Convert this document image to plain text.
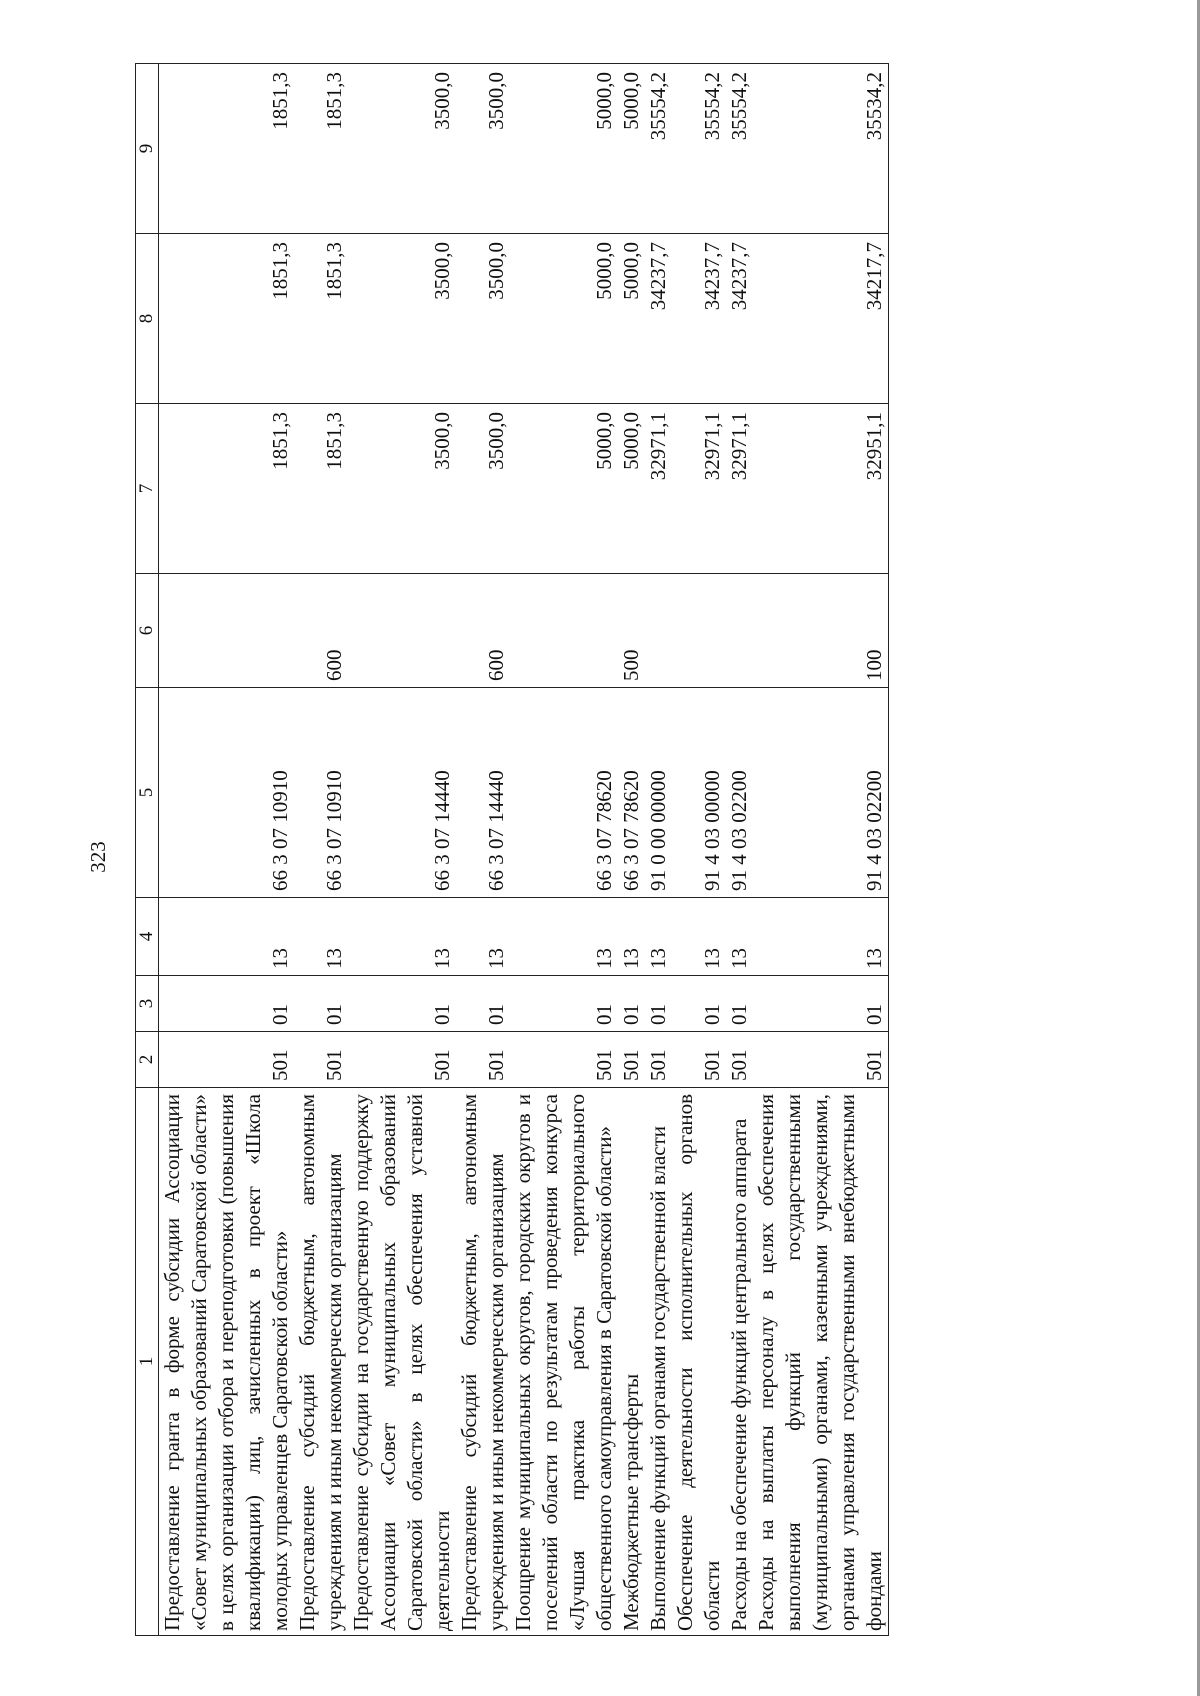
323
1	2	3	4	5	6	7	8	9
Предоставление гранта в форме субсидии Ассоциации «Совет муниципальных образований Саратовской области» в целях организации отбора и переподготовки (повышения квалификации) лиц, зачисленных в проект «Школа молодых управленцев Саратовской области»	501	01	13	66 3 07 10910		1851,3	1851,3	1851,3
Предоставление субсидий бюджетным, автономным учреждениям и иным некоммерческим организациям	501	01	13	66 3 07 10910	600	1851,3	1851,3	1851,3
Предоставление субсидии на государственную поддержку Ассоциации «Совет муниципальных образований Саратовской области» в целях обеспечения уставной деятельности	501	01	13	66 3 07 14440		3500,0	3500,0	3500,0
Предоставление субсидий бюджетным, автономным учреждениям и иным некоммерческим организациям	501	01	13	66 3 07 14440	600	3500,0	3500,0	3500,0
Поощрение муниципальных округов, городских округов и поселений области по результатам проведения конкурса «Лучшая практика работы территориального общественного самоуправления в Саратовской области»	501	01	13	66 3 07 78620		5000,0	5000,0	5000,0
Межбюджетные трансферты	501	01	13	66 3 07 78620	500	5000,0	5000,0	5000,0
Выполнение функций органами государственной власти	501	01	13	91 0 00 00000		32971,1	34237,7	35554,2
Обеспечение деятельности исполнительных органов области	501	01	13	91 4 03 00000		32971,1	34237,7	35554,2
Расходы на обеспечение функций центрального аппарата	501	01	13	91 4 03 02200		32971,1	34237,7	35554,2
Расходы на выплаты персоналу в целях обеспечения выполнения функций государственными (муниципальными) органами, казенными учреждениями, органами управления государственными внебюджетными фондами	501	01	13	91 4 03 02200	100	32951,1	34217,7	35534,2
